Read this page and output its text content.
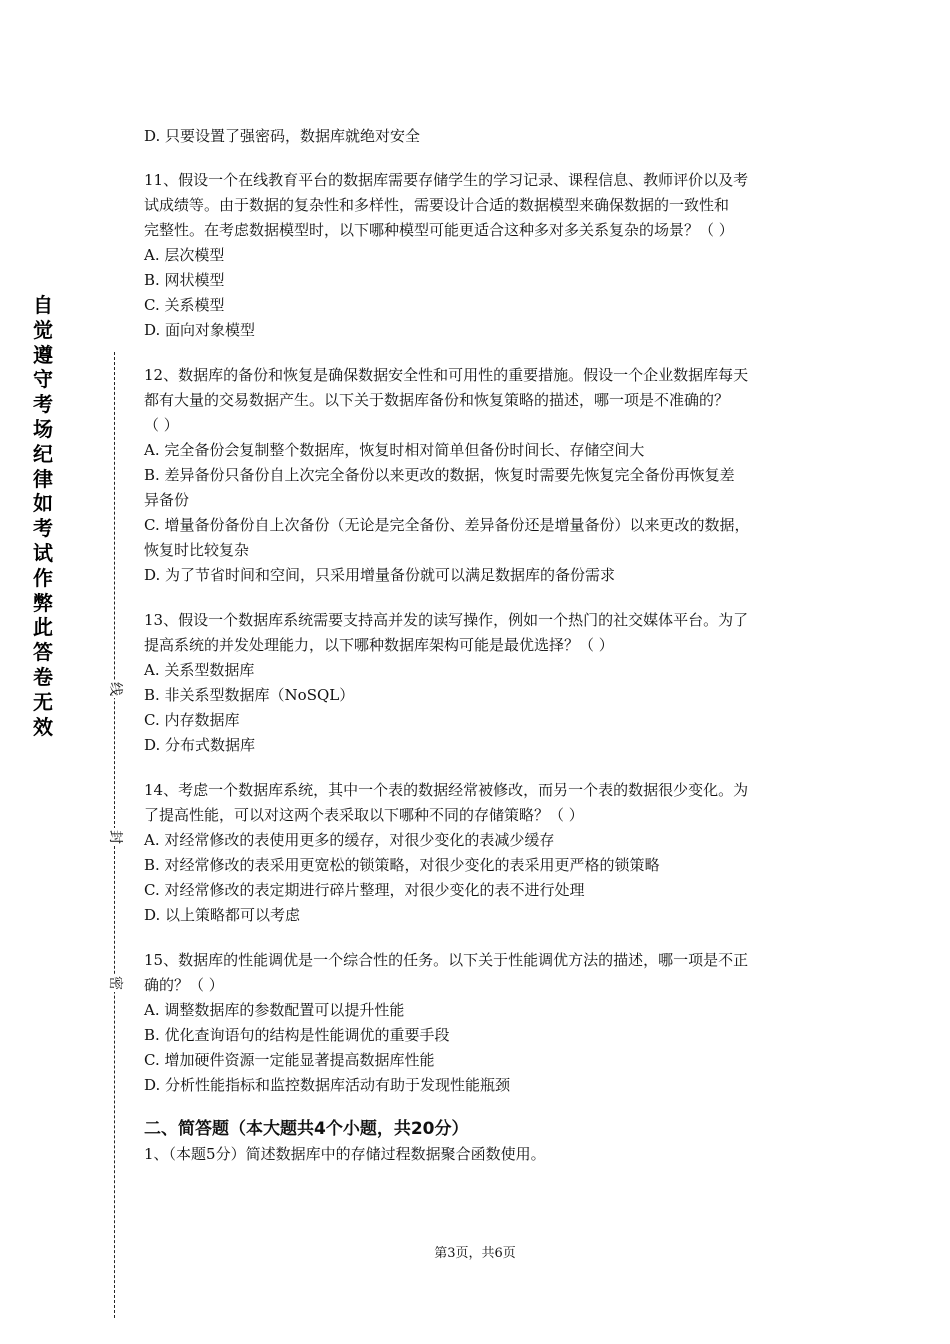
自觉遵守考场纪律如考试作弊此答卷无效
线
封
密
D. 只要设置了强密码，数据库就绝对安全
11、假设一个在线教育平台的数据库需要存储学生的学习记录、课程信息、教师评价以及考
试成绩等。由于数据的复杂性和多样性，需要设计合适的数据模型来确保数据的一致性和
完整性。在考虑数据模型时，以下哪种模型可能更适合这种多对多关系复杂的场景？（ ）
A. 层次模型
B. 网状模型
C. 关系模型
D. 面向对象模型
12、数据库的备份和恢复是确保数据安全性和可用性的重要措施。假设一个企业数据库每天
都有大量的交易数据产生。以下关于数据库备份和恢复策略的描述，哪一项是不准确的？
（ ）
A. 完全备份会复制整个数据库，恢复时相对简单但备份时间长、存储空间大
B. 差异备份只备份自上次完全备份以来更改的数据，恢复时需要先恢复完全备份再恢复差
异备份
C. 增量备份备份自上次备份（无论是完全备份、差异备份还是增量备份）以来更改的数据，
恢复时比较复杂
D. 为了节省时间和空间，只采用增量备份就可以满足数据库的备份需求
13、假设一个数据库系统需要支持高并发的读写操作，例如一个热门的社交媒体平台。为了
提高系统的并发处理能力，以下哪种数据库架构可能是最优选择？（ ）
A. 关系型数据库
B. 非关系型数据库（NoSQL）
C. 内存数据库
D. 分布式数据库
14、考虑一个数据库系统，其中一个表的数据经常被修改，而另一个表的数据很少变化。为
了提高性能，可以对这两个表采取以下哪种不同的存储策略？（ ）
A. 对经常修改的表使用更多的缓存，对很少变化的表减少缓存
B. 对经常修改的表采用更宽松的锁策略，对很少变化的表采用更严格的锁策略
C. 对经常修改的表定期进行碎片整理，对很少变化的表不进行处理
D. 以上策略都可以考虑
15、数据库的性能调优是一个综合性的任务。以下关于性能调优方法的描述，哪一项是不正
确的？（ ）
A. 调整数据库的参数配置可以提升性能
B. 优化查询语句的结构是性能调优的重要手段
C. 增加硬件资源一定能显著提高数据库性能
D. 分析性能指标和监控数据库活动有助于发现性能瓶颈
二、简答题（本大题共4个小题，共20分）
1、（本题5分）简述数据库中的存储过程数据聚合函数使用。
第3页，共6页
